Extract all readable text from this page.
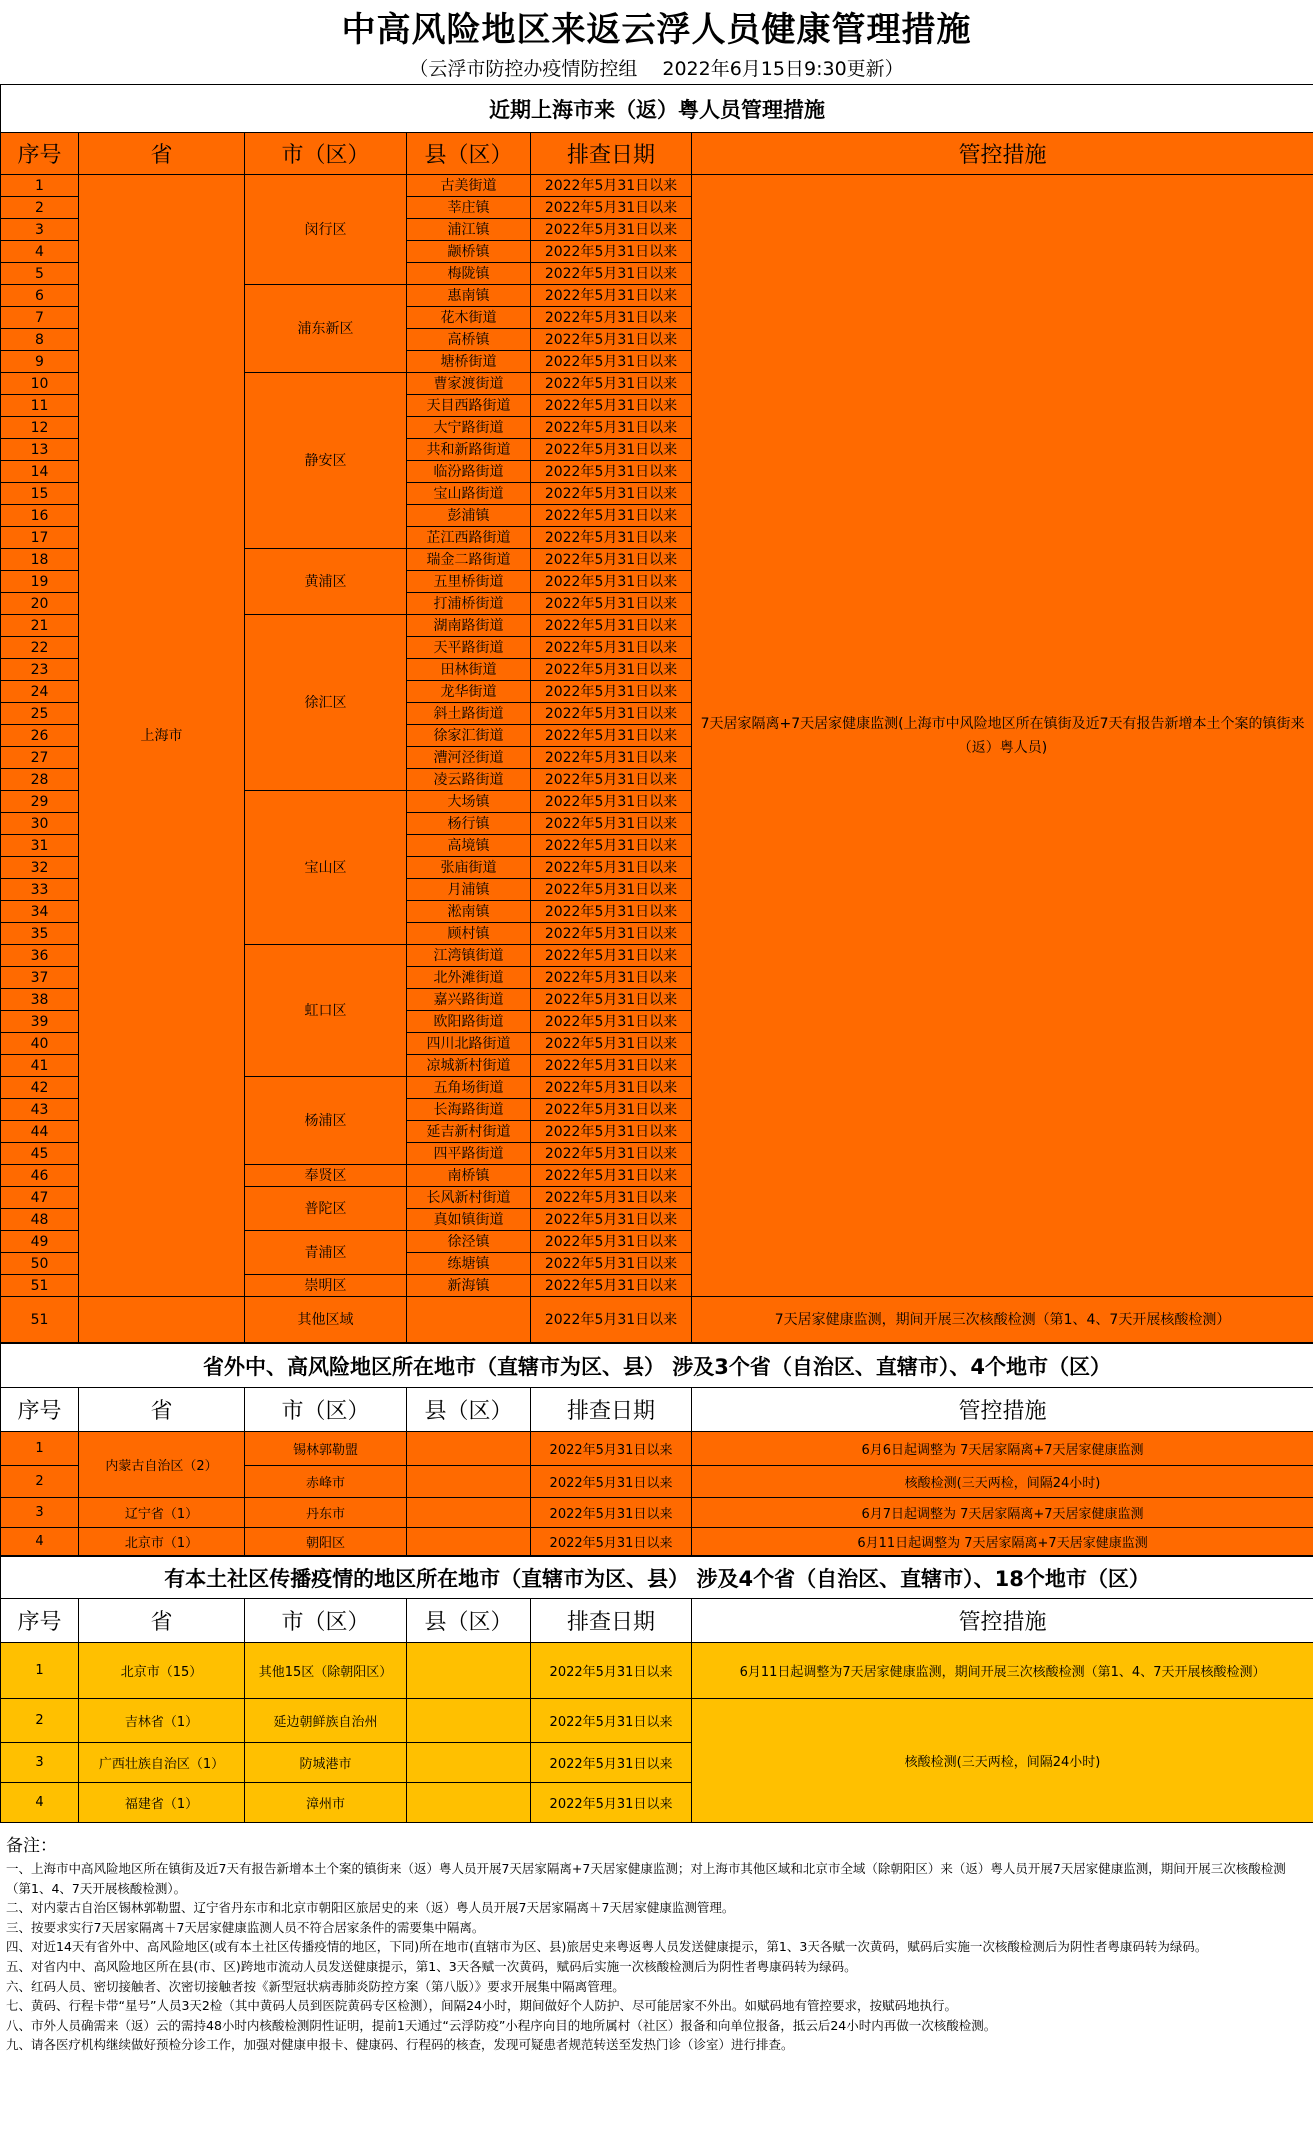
中高风险地区来返云浮人员健康管理措施
（云浮市防控办疫情防控组　 2022年6月15日9:30更新）
近期上海市来（返）粤人员管理措施					
序号	省	市（区）	县（区）	排查日期	管控措施
1	上海市	闵行区	古美街道	2022年5月31日以来	7天居家隔离+7天居家健康监测(上海市中风险地区所在镇街及近7天有报告新增本土个案的镇街来（返）粤人员)
2			莘庄镇	2022年5月31日以来	
3			浦江镇	2022年5月31日以来	
4			颛桥镇	2022年5月31日以来	
5			梅陇镇	2022年5月31日以来	
6		浦东新区	惠南镇	2022年5月31日以来	
7			花木街道	2022年5月31日以来	
8			高桥镇	2022年5月31日以来	
9			塘桥街道	2022年5月31日以来	
10		静安区	曹家渡街道	2022年5月31日以来	
11			天目西路街道	2022年5月31日以来	
12			大宁路街道	2022年5月31日以来	
13			共和新路街道	2022年5月31日以来	
14			临汾路街道	2022年5月31日以来	
15			宝山路街道	2022年5月31日以来	
16			彭浦镇	2022年5月31日以来	
17			芷江西路街道	2022年5月31日以来	
18		黄浦区	瑞金二路街道	2022年5月31日以来	
19			五里桥街道	2022年5月31日以来	
20			打浦桥街道	2022年5月31日以来	
21		徐汇区	湖南路街道	2022年5月31日以来	
22			天平路街道	2022年5月31日以来	
23			田林街道	2022年5月31日以来	
24			龙华街道	2022年5月31日以来	
25			斜土路街道	2022年5月31日以来	
26			徐家汇街道	2022年5月31日以来	
27			漕河泾街道	2022年5月31日以来	
28			凌云路街道	2022年5月31日以来	
29		宝山区	大场镇	2022年5月31日以来	
30			杨行镇	2022年5月31日以来	
31			高境镇	2022年5月31日以来	
32			张庙街道	2022年5月31日以来	
33			月浦镇	2022年5月31日以来	
34			淞南镇	2022年5月31日以来	
35			顾村镇	2022年5月31日以来	
36		虹口区	江湾镇街道	2022年5月31日以来	
37			北外滩街道	2022年5月31日以来	
38			嘉兴路街道	2022年5月31日以来	
39			欧阳路街道	2022年5月31日以来	
40			四川北路街道	2022年5月31日以来	
41			凉城新村街道	2022年5月31日以来	
42		杨浦区	五角场街道	2022年5月31日以来	
43			长海路街道	2022年5月31日以来	
44			延吉新村街道	2022年5月31日以来	
45			四平路街道	2022年5月31日以来	
46		奉贤区	南桥镇	2022年5月31日以来	
47		普陀区	长风新村街道	2022年5月31日以来	
48			真如镇街道	2022年5月31日以来	
49		青浦区	徐泾镇	2022年5月31日以来	
50			练塘镇	2022年5月31日以来	
51		崇明区	新海镇	2022年5月31日以来	
51		其他区域		2022年5月31日以来	7天居家健康监测，期间开展三次核酸检测（第1、4、7天开展核酸检测）
省外中、高风险地区所在地市（直辖市为区、县） 涉及3个省（自治区、直辖市）、4个地市（区）					
序号	省	市（区）	县（区）	排查日期	管控措施
1	内蒙古自治区（2）	锡林郭勒盟		2022年5月31日以来	6月6日起调整为 7天居家隔离+7天居家健康监测
2		赤峰市		2022年5月31日以来	核酸检测(三天两检，间隔24小时)
3	辽宁省（1）	丹东市		2022年5月31日以来	6月7日起调整为 7天居家隔离+7天居家健康监测
4	北京市（1）	朝阳区		2022年5月31日以来	6月11日起调整为 7天居家隔离+7天居家健康监测
有本土社区传播疫情的地区所在地市（直辖市为区、县） 涉及4个省（自治区、直辖市）、18个地市（区）					
序号	省	市（区）	县（区）	排查日期	管控措施
1	北京市（15）	其他15区（除朝阳区）		2022年5月31日以来	6月11日起调整为7天居家健康监测，期间开展三次核酸检测（第1、4、7天开展核酸检测）
2	吉林省（1）	延边朝鲜族自治州		2022年5月31日以来	核酸检测(三天两检，间隔24小时)
3	广西壮族自治区（1）	防城港市		2022年5月31日以来	
4	福建省（1）	漳州市		2022年5月31日以来	
备注：

一、上海市中高风险地区所在镇街及近7天有报告新增本土个案的镇街来（返）粤人员开展7天居家隔离+7天居家健康监测；对上海市其他区域和北京市全域（除朝阳区）来（返）粤人员开展7天居家健康监测，期间开展三次核酸检测（第1、4、7天开展核酸检测）。

二、对内蒙古自治区锡林郭勒盟、辽宁省丹东市和北京市朝阳区旅居史的来（返）粤人员开展7天居家隔离＋7天居家健康监测管理。

三、按要求实行7天居家隔离＋7天居家健康监测人员不符合居家条件的需要集中隔离。

四、对近14天有省外中、高风险地区(或有本土社区传播疫情的地区，下同)所在地市(直辖市为区、县)旅居史来粤返粤人员发送健康提示，第1、3天各赋一次黄码，赋码后实施一次核酸检测后为阴性者粤康码转为绿码。

五、对省内中、高风险地区所在县(市、区)跨地市流动人员发送健康提示，第1、3天各赋一次黄码，赋码后实施一次核酸检测后为阴性者粤康码转为绿码。

六、红码人员、密切接触者、次密切接触者按《新型冠状病毒肺炎防控方案（第八版）》要求开展集中隔离管理。

七、黄码、行程卡带“星号”人员3天2检（其中黄码人员到医院黄码专区检测），间隔24小时，期间做好个人防护、尽可能居家不外出。如赋码地有管控要求，按赋码地执行。

八、市外人员确需来（返）云的需持48小时内核酸检测阴性证明，提前1天通过“云浮防疫”小程序向目的地所属村（社区）报备和向单位报备，抵云后24小时内再做一次核酸检测。

九、请各医疗机构继续做好预检分诊工作，加强对健康申报卡、健康码、行程码的核查，发现可疑患者规范转送至发热门诊（诊室）进行排查。
